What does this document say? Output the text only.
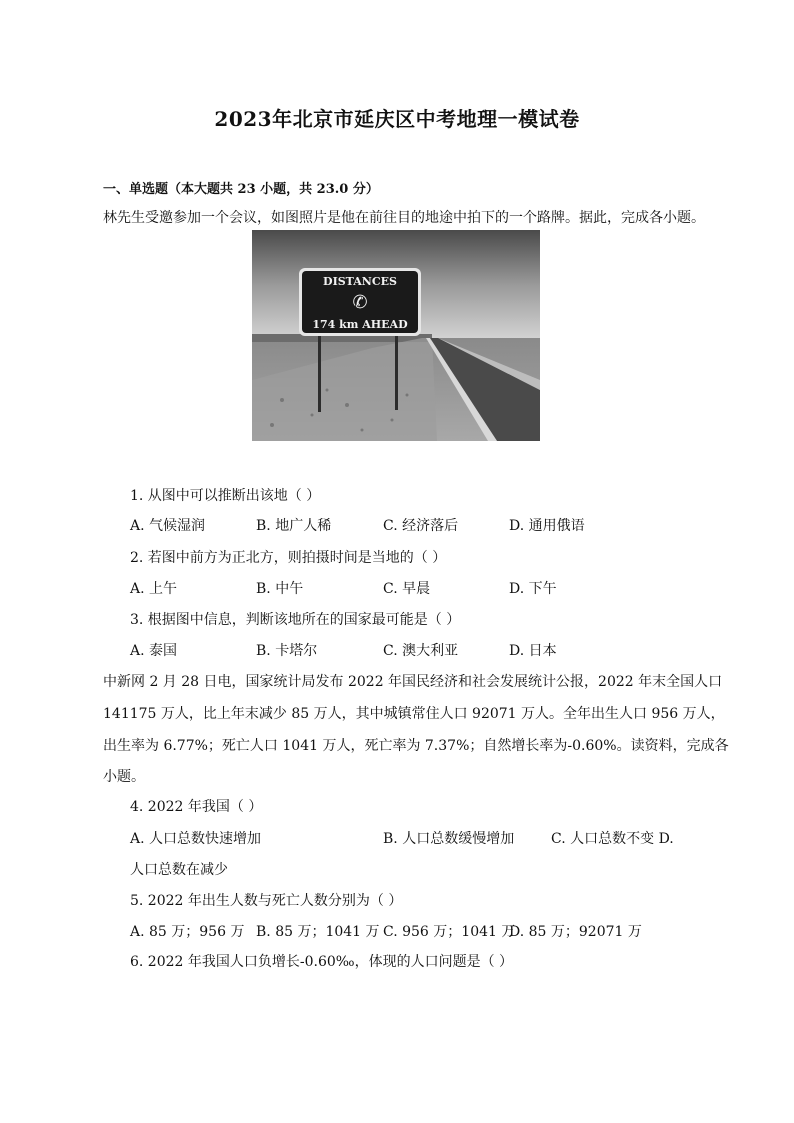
2023年北京市延庆区中考地理一模试卷
一、单选题（本大题共 23 小题，共 23.0 分）
林先生受邀参加一个会议，如图照片是他在前往目的地途中拍下的一个路牌。据此，完成各小题。
DISTANCES
✆
174 km AHEAD
1. 从图中可以推断出该地（ ）
A. 气候湿润	B. 地广人稀	C. 经济落后	D. 通用俄语
2. 若图中前方为正北方，则拍摄时间是当地的（ ）
A. 上午	B. 中午	C. 早晨	D. 下午
3. 根据图中信息，判断该地所在的国家最可能是（ ）
A. 泰国	B. 卡塔尔	C. 澳大利亚	D. 日本
中新网 2 月 28 日电，国家统计局发布 2022 年国民经济和社会发展统计公报，2022 年末全国人口
141175 万人，比上年末减少 85 万人，其中城镇常住人口 92071 万人。全年出生人口 956 万人，
出生率为 6.77%；死亡人口 1041 万人，死亡率为 7.37%；自然增长率为-0.60%。读资料，完成各
小题。
4. 2022 年我国（ ）
A. 人口总数快速增加	B. 人口总数缓慢增加	C. 人口总数不变 D.
人口总数在减少
5. 2022 年出生人数与死亡人数分别为（ ）
A. 85 万；956 万 B. 85 万；1041 万 C. 956 万；1041 万
D. 85 万；92071 万
6. 2022 年我国人口负增长-0.60‰，体现的人口问题是（ ）
